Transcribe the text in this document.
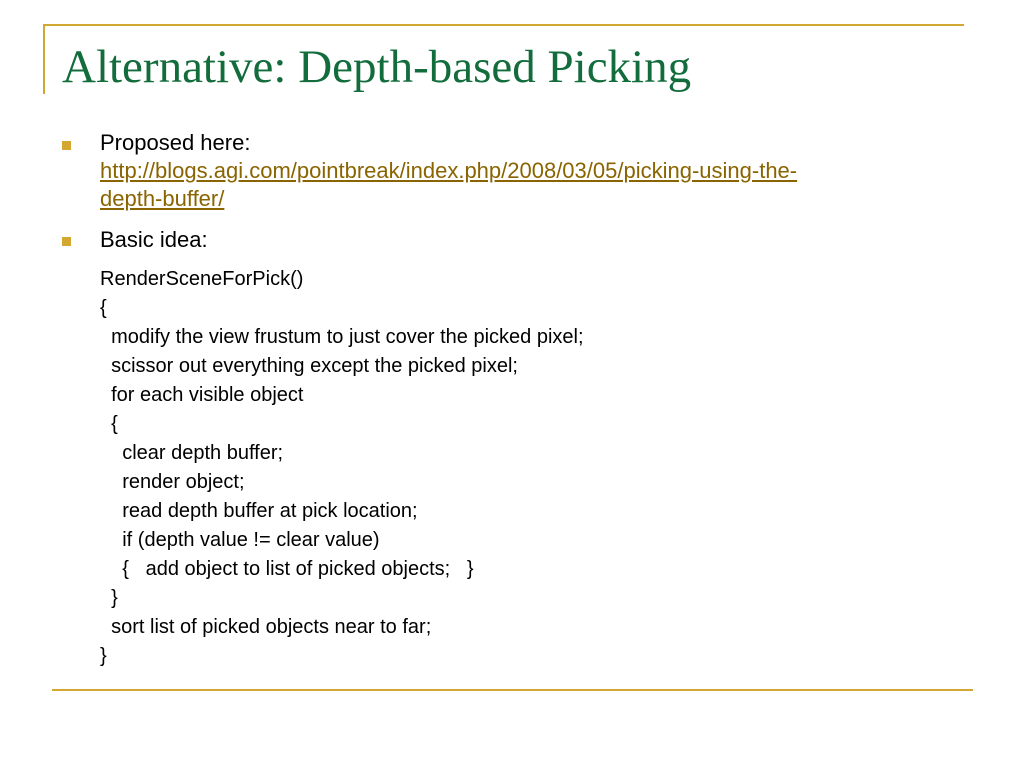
Alternative: Depth-based Picking
Proposed here:
http://blogs.agi.com/pointbreak/index.php/2008/03/05/picking-using-the-
depth-buffer/
Basic idea:
RenderSceneForPick()
{
modify the view frustum to just cover the picked pixel;
scissor out everything except the picked pixel;
for each visible object
{
clear depth buffer;
render object;
read depth buffer at pick location;
if (depth value != clear value)
{   add object to list of picked objects;   }
}
sort list of picked objects near to far;
}
